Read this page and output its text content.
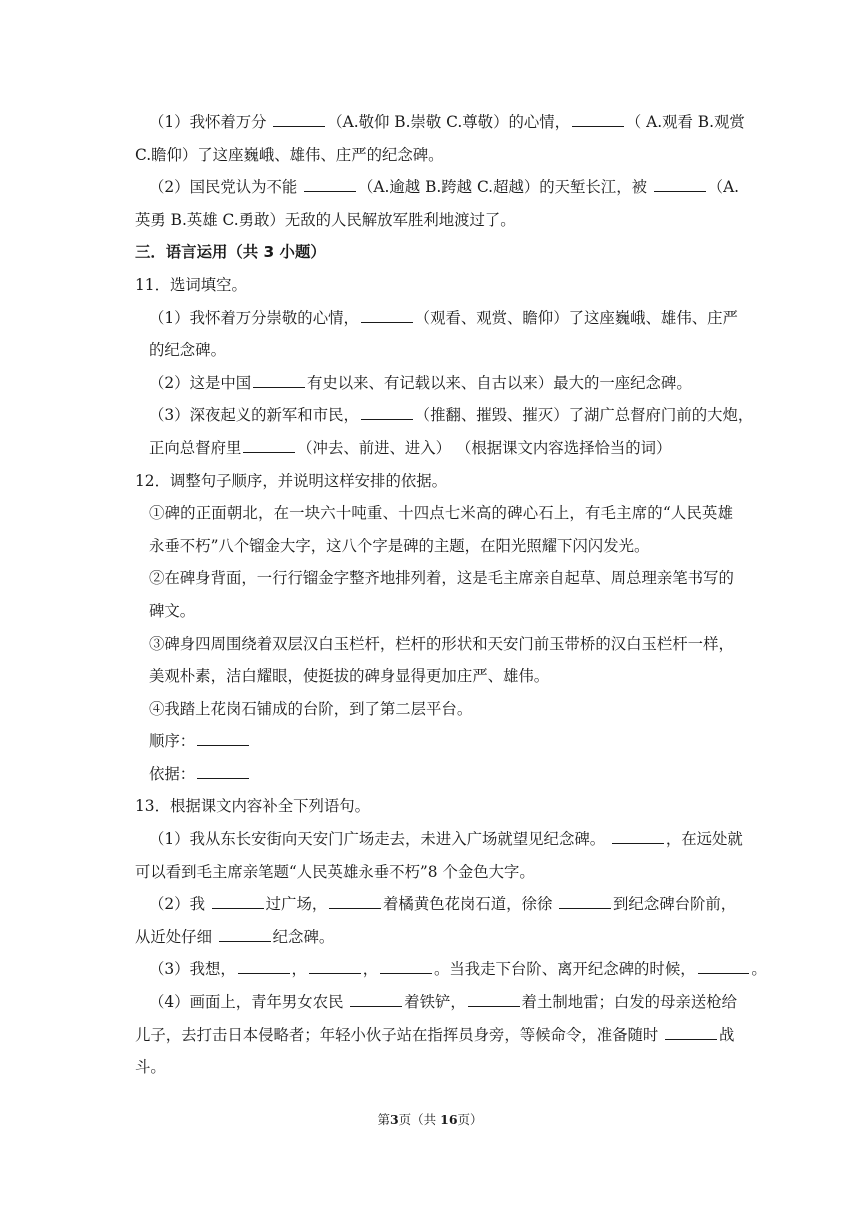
（1）我怀着万分	（A.敬仰 B.崇敬 C.尊敬）的心情，	（ A.观看 B.观赏
C.瞻仰）了这座巍峨、雄伟、庄严的纪念碑。
（2）国民党认为不能	（A.逾越 B.跨越 C.超越）的天堑长江，被	（A.
英勇 B.英雄 C.勇敢）无敌的人民解放军胜利地渡过了。
三．语言运用（共 3 小题）
11．选词填空。
（1）我怀着万分崇敬的心情，	（观看、观赏、瞻仰）了这座巍峨、雄伟、庄严
的纪念碑。
（2）这是中国	有史以来、有记载以来、自古以来）最大的一座纪念碑。
（3）深夜起义的新军和市民，	（推翻、摧毁、摧灭）了湖广总督府门前的大炮，
正向总督府里	（冲去、前进、进入） （根据课文内容选择恰当的词）
12．调整句子顺序，并说明这样安排的依据。
①碑的正面朝北，在一块六十吨重、十四点七米高的碑心石上，有毛主席的“人民英雄
永垂不朽”八个镏金大字，这八个字是碑的主题，在阳光照耀下闪闪发光。
②在碑身背面，一行行镏金字整齐地排列着，这是毛主席亲自起草、周总理亲笔书写的
碑文。
③碑身四周围绕着双层汉白玉栏杆，栏杆的形状和天安门前玉带桥的汉白玉栏杆一样，
美观朴素，洁白耀眼，使挺拔的碑身显得更加庄严、雄伟。
④我踏上花岗石铺成的台阶，到了第二层平台。
顺序：
依据：
13．根据课文内容补全下列语句。
（1）我从东长安街向天安门广场走去，未进入广场就望见纪念碑。	，在远处就
可以看到毛主席亲笔题“人民英雄永垂不朽”8 个金色大字。
（2）我	过广场，	着橘黄色花岗石道，徐徐	到纪念碑台阶前，
从近处仔细	纪念碑。
（3）我想，	，	，	。当我走下台阶、离开纪念碑的时候，	。
（4）画面上，青年男女农民	着铁铲，	着土制地雷；白发的母亲送枪给
儿子，去打击日本侵略者；年轻小伙子站在指挥员身旁，等候命令，准备随时	战
斗。
第3页（共 16页）
